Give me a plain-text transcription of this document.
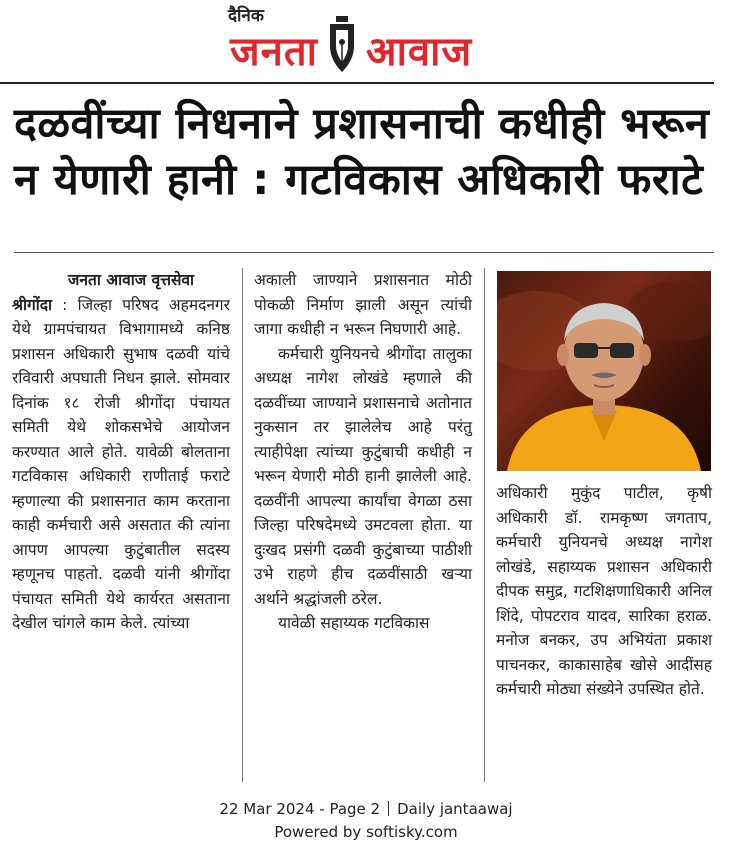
दैनिक
जनता आवाज
दळवींच्या निधनाने प्रशासनाची कधीही भरून
न येणारी हानी : गटविकास अधिकारी फराटे
जनता आवाज वृत्तसेवा

श्रीगोंदा : जिल्हा परिषद अहमदनगर येथे ग्रामपंचायत विभागामध्ये कनिष्ठ प्रशासन अधिकारी सुभाष दळवी यांचे रविवारी अपघाती निधन झाले. सोमवार दिनांक १८ रोजी श्रीगोंदा पंचायत समिती येथे शोकसभेचे आयोजन करण्यात आले होते. यावेळी बोलताना गटविकास अधिकारी राणीताई फराटे म्हणाल्या की प्रशासनात काम करताना काही कर्मचारी असे असतात की त्यांना आपण आपल्या कुटुंबातील सदस्य म्हणूनच पाहतो. दळवी यांनी श्रीगोंदा पंचायत समिती येथे कार्यरत असताना देखील चांगले काम केले. त्यांच्या

अकाली जाण्याने प्रशासनात मोठी पोकळी निर्माण झाली असून त्यांची जागा कधीही न भरून निघणारी आहे.

कर्मचारी युनियनचे श्रीगोंदा तालुका अध्यक्ष नागेश लोखंडे म्हणाले की दळवींच्या जाण्याने प्रशासनाचे अतोनात नुकसान तर झालेलेच आहे परंतु त्याहीपेक्षा त्यांच्या कुटुंबाची कधीही न भरून येणारी मोठी हानी झालेली आहे. दळवींनी आपल्या कार्यांचा वेगळा ठसा जिल्हा परिषदेमध्ये उमटवला होता. या दुःखद प्रसंगी दळवी कुटुंबाच्या पाठीशी उभे राहणे हीच दळवींसाठी खऱ्या अर्थाने श्रद्धांजली ठरेल.

यावेळी सहाय्यक गटविकास

अधिकारी मुकुंद पाटील, कृषी अधिकारी डॉ. रामकृष्ण जगताप, कर्मचारी युनियनचे अध्यक्ष नागेश लोखंडे, सहाय्यक प्रशासन अधिकारी दीपक समुद्र, गटशिक्षणाधिकारी अनिल शिंदे, पोपटराव यादव, सारिका हराळ. मनोज बनकर, उप अभियंता प्रकाश पाचनकर, काकासाहेब खोसे आदींसह कर्मचारी मोठ्या संख्येने उपस्थित होते.

22 Mar 2024 - Page 2 Daily jantaawaj
Powered by softisky.com
